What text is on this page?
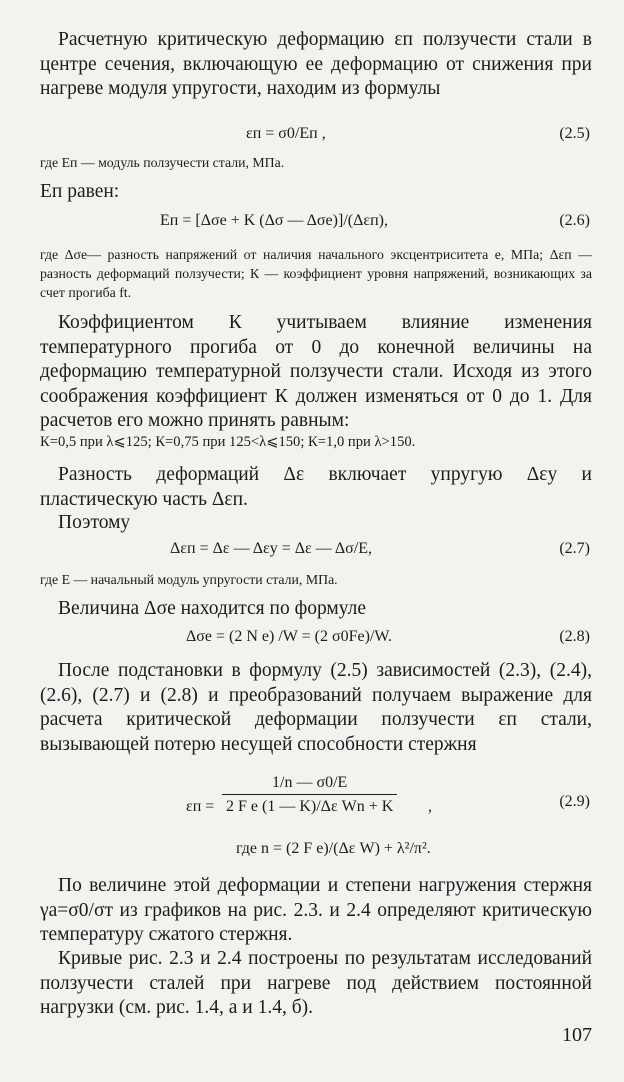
Расчетную критическую деформацию εп ползучести стали в центре сечения, включающую ее деформацию от снижения при нагреве модуля упругости, находим из формулы
εп = σ0/Eп ,	(2.5)
где Eп — модуль ползучести стали, МПа.
Eп равен:
Eп = [Δσe + K (Δσ — Δσe)]/(Δεп),	(2.6)
где Δσe— разность напряжений от наличия начального эксцентриситета e, МПа; Δεп — разность деформаций ползучести; К — коэффициент уровня напряжений, возникающих за счет прогиба ft.
Коэффициентом К учитываем влияние изменения температурного прогиба от 0 до конечной величины на деформацию температурной ползучести стали. Исходя из этого соображения коэффициент К должен изменяться от 0 до 1. Для расчетов его можно принять равным:
К=0,5 при λ⩽125; К=0,75 при 125<λ⩽150; К=1,0 при λ>150.
Разность деформаций Δε включает упругую Δεу и пластическую часть Δεп.
Поэтому
Δεп = Δε — Δεу = Δε — Δσ/E,	(2.7)
где E — начальный модуль упругости стали, МПа.
Величина Δσe находится по формуле
Δσe = (2 N e) /W = (2 σ0Fe)/W.	(2.8)
После подстановки в формулу (2.5) зависимостей (2.3), (2.4), (2.6), (2.7) и (2.8) и преобразований получаем выражение для расчета критической деформации ползучести εп стали, вызывающей потерю несущей способности стержня
$\varepsilon п = \frac{1/n — \sigma 0/E}{\text{2 F e (1 — K)/Δε Wn + K}}$ ,	(2.9)
где n = (2 F e)/(Δε W) + λ²/π².
По величине этой деформации и степени нагружения стержня γа=σ0/σт из графиков на рис. 2.3. и 2.4 определяют критическую температуру сжатого стержня.
Кривые рис. 2.3 и 2.4 построены по результатам исследований ползучести сталей при нагреве под действием постоянной нагрузки (см. рис. 1.4, а и 1.4, б).
107
